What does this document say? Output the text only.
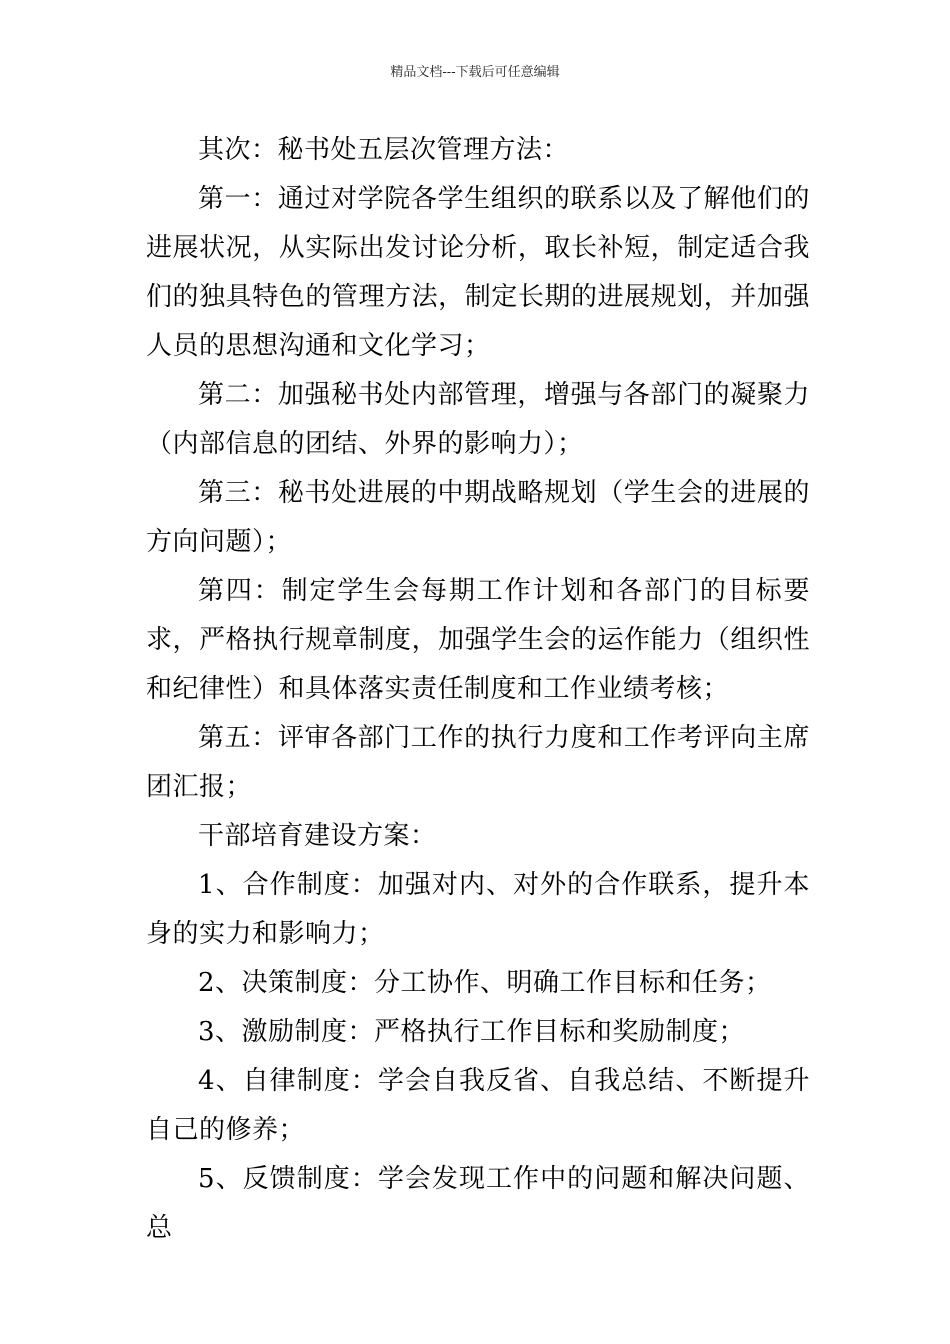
精品文档---下载后可任意编辑

其次：秘书处五层次管理方法：

第一：通过对学院各学生组织的联系以及了解他们的进展状况，从实际出发讨论分析，取长补短，制定适合我们的独具特色的管理方法，制定长期的进展规划，并加强人员的思想沟通和文化学习；

第二：加强秘书处内部管理，增强与各部门的凝聚力（内部信息的团结、外界的影响力）；

第三：秘书处进展的中期战略规划（学生会的进展的方向问题）；

第四：制定学生会每期工作计划和各部门的目标要求，严格执行规章制度，加强学生会的运作能力（组织性和纪律性）和具体落实责任制度和工作业绩考核；

第五：评审各部门工作的执行力度和工作考评向主席团汇报；

干部培育建设方案：

1、合作制度：加强对内、对外的合作联系，提升本身的实力和影响力；

2、决策制度：分工协作、明确工作目标和任务；

3、激励制度：严格执行工作目标和奖励制度；

4、自律制度：学会自我反省、自我总结、不断提升自己的修养；

5、反馈制度：学会发现工作中的问题和解决问题、总
